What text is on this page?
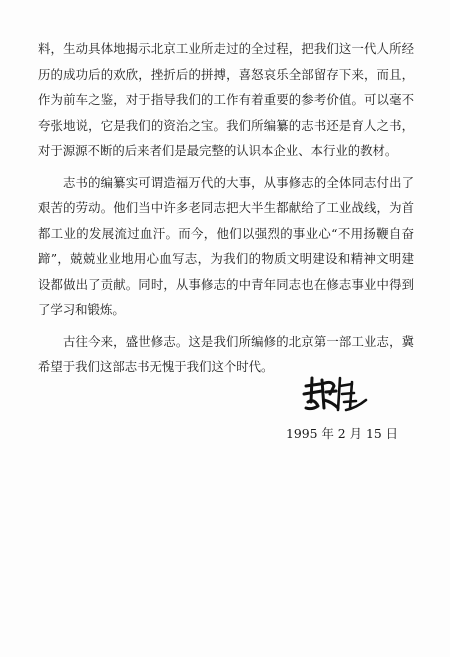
料，生动具体地揭示北京工业所走过的全过程，把我们这一代人所经历的成功后的欢欣，挫折后的拼搏，喜怒哀乐全部留存下来，而且，作为前车之鉴，对于指导我们的工作有着重要的参考价值。可以毫不夸张地说，它是我们的资治之宝。我们所编纂的志书还是育人之书，对于源源不断的后来者们是最完整的认识本企业、本行业的教材。

志书的编纂实可谓造福万代的大事，从事修志的全体同志付出了艰苦的劳动。他们当中许多老同志把大半生都献给了工业战线，为首都工业的发展流过血汗。而今，他们以强烈的事业心“不用扬鞭自奋蹄”，兢兢业业地用心血写志，为我们的物质文明建设和精神文明建设都做出了贡献。同时，从事修志的中青年同志也在修志事业中得到了学习和锻炼。

古往今来，盛世修志。这是我们所编修的北京第一部工业志，冀希望于我们这部志书无愧于我们这个时代。

1995 年 2 月 15 日
